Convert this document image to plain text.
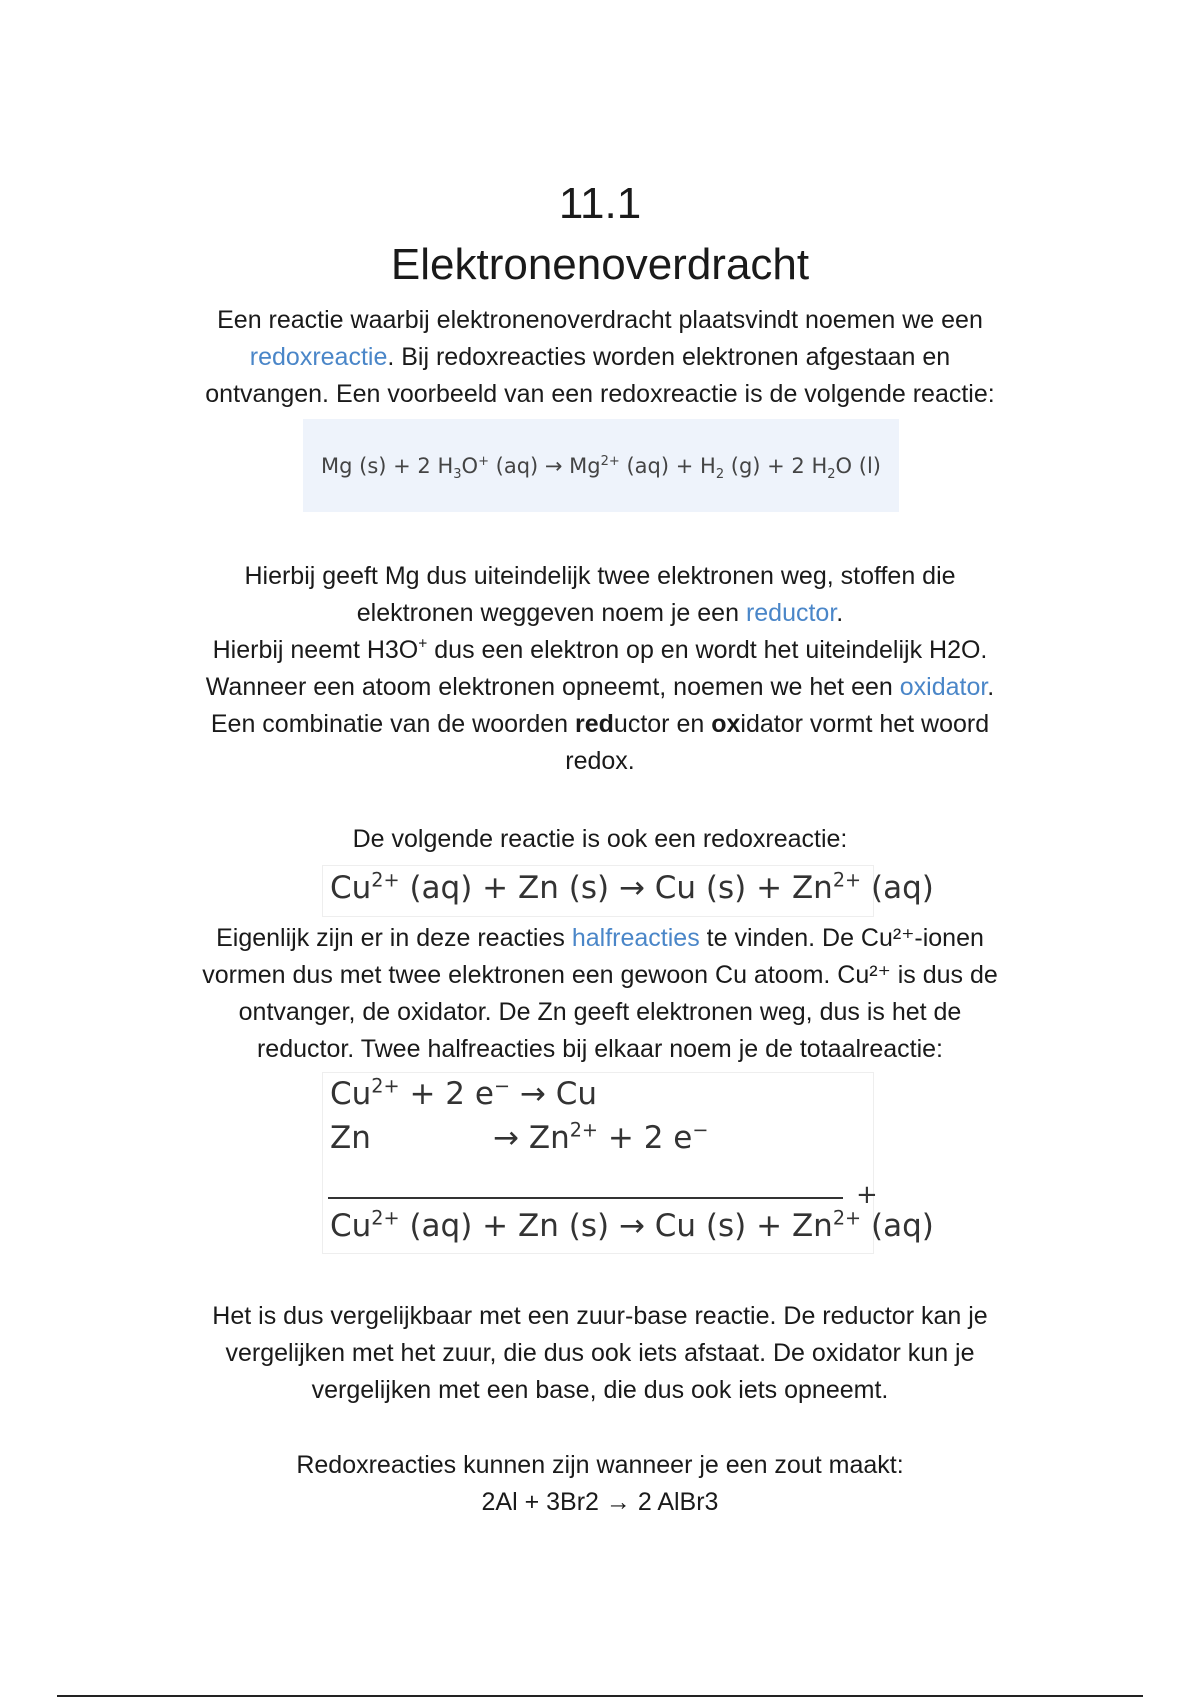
11.1
Elektronenoverdracht
Een reactie waarbij elektronenoverdracht plaatsvindt noemen we een
redoxreactie. Bij redoxreacties worden elektronen afgestaan en
ontvangen. Een voorbeeld van een redoxreactie is de volgende reactie:
Mg (s) + 2 $H_3O^+$ $(aq) \to Mg^{2+}$ $(aq) + H_2$ (g) + 2 $H_2O$ (l)
Hierbij geeft Mg dus uiteindelijk twee elektronen weg, stoffen die
elektronen weggeven noem je een reductor.
Hierbij neemt H3O+ dus een elektron op en wordt het uiteindelijk H2O.
Wanneer een atoom elektronen opneemt, noemen we het een oxidator.
Een combinatie van de woorden reductor en oxidator vormt het woord
redox.
De volgende reactie is ook een redoxreactie:
$Cu^{2+}$ (aq) + Zn (s) → Cu $(s) + Zn^{2+}$ (aq)
Eigenlijk zijn er in deze reacties halfreacties te vinden. De Cu²⁺-ionen
vormen dus met twee elektronen een gewoon Cu atoom. Cu²⁺ is dus de
ontvanger, de oxidator. De Zn geeft elektronen weg, dus is het de
reductor. Twee halfreacties bij elkaar noem je de totaalreactie:
$Cu^{2+} + 2$ e− → Cu
Zn	→ $Zn^{2+} + 2$ e−
+
$Cu^{2+}$ (aq) + Zn (s) → Cu $(s) + Zn^{2+}$ (aq)
Het is dus vergelijkbaar met een zuur-base reactie. De reductor kan je
vergelijken met het zuur, die dus ook iets afstaat. De oxidator kun je
vergelijken met een base, die dus ook iets opneemt.
Redoxreacties kunnen zijn wanneer je een zout maakt:
2Al + 3Br2 → 2 AlBr3
